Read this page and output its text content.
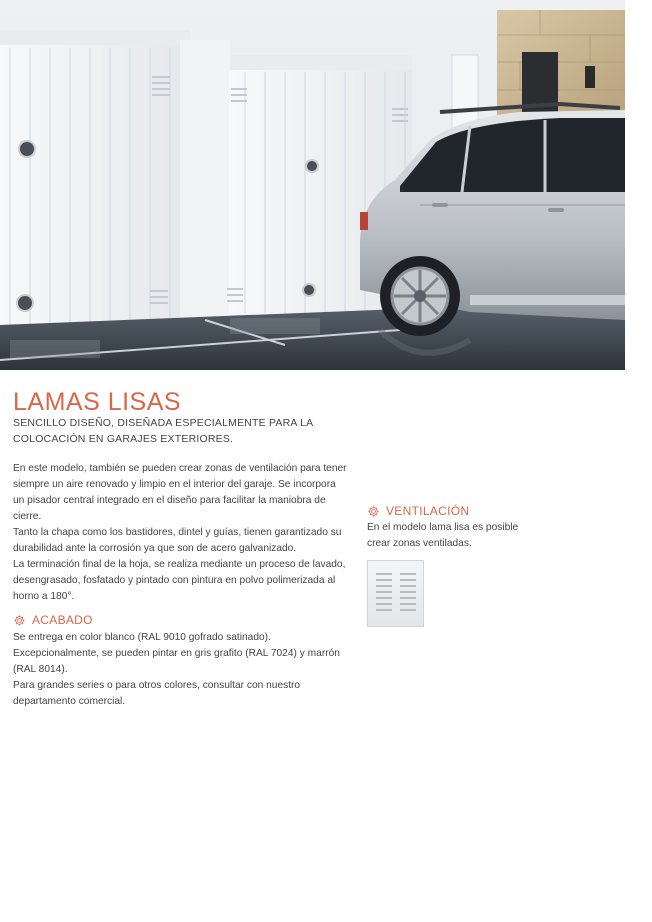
LAMAS LISAS

SENCILLO DISEÑO, DISEÑADA ESPECIALMENTE PARA LA COLOCACIÓN EN GARAJES EXTERIORES.

En este modelo, también se pueden crear zonas de ventilación para tener siempre un aire renovado y limpio en el interior del garaje. Se incorpora un pisador central integrado en el diseño para facilitar la maniobra de cierre.

Tanto la chapa como los bastidores, dintel y guías, tienen garantizado su durabilidad ante la corrosión ya que son de acero galvanizado.

La terminación final de la hoja, se realiza mediante un proceso de lavado, desengrasado, fosfatado y pintado con pintura en polvo polimerizada al horno a 180°.

ACABADO

Se entrega en color blanco (RAL 9010 gofrado satinado).

Excepcionalmente, se pueden pintar en gris grafito (RAL 7024) y marrón (RAL 8014).

Para grandes series o para otros colores, consultar con nuestro departamento comercial.

VENTILACIÓN

En el modelo lama lisa es posible crear zonas ventiladas.
